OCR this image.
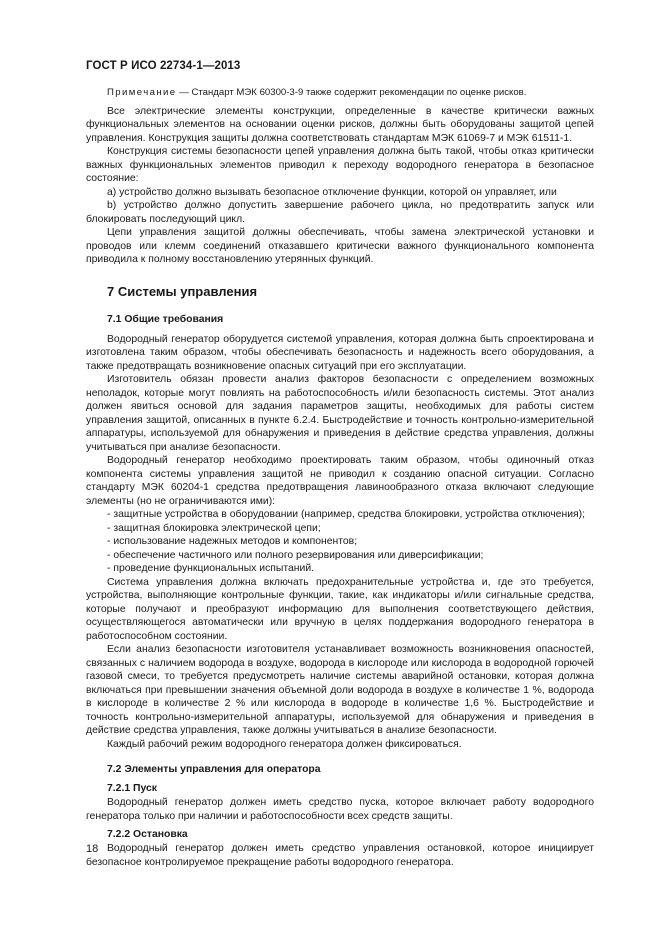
ГОСТ Р ИСО 22734-1—2013

Примечание — Стандарт МЭК 60300-3-9 также содержит рекомендации по оценке рисков.

Все электрические элементы конструкции, определенные в качестве критически важных функциональных элементов на основании оценки рисков, должны быть оборудованы защитой цепей управления. Конструкция защиты должна соответствовать стандартам МЭК 61069-7 и МЭК 61511-1.

Конструкция системы безопасности цепей управления должна быть такой, чтобы отказ критически важных функциональных элементов приводил к переходу водородного генератора в безопасное состояние:

a) устройство должно вызывать безопасное отключение функции, которой он управляет, или

b) устройство должно допустить завершение рабочего цикла, но предотвратить запуск или блокировать последующий цикл.

Цепи управления защитой должны обеспечивать, чтобы замена электрической установки и проводов или клемм соединений отказавшего критически важного функционального компонента приводила к полному восстановлению утерянных функций.

7 Системы управления
7.1 Общие требования

Водородный генератор оборудуется системой управления, которая должна быть спроектирована и изготовлена таким образом, чтобы обеспечивать безопасность и надежность всего оборудования, а также предотвращать возникновение опасных ситуаций при его эксплуатации.

Изготовитель обязан провести анализ факторов безопасности с определением возможных неполадок, которые могут повлиять на работоспособность и/или безопасность системы. Этот анализ должен явиться основой для задания параметров защиты, необходимых для работы систем управления защитой, описанных в пункте 6.2.4. Быстродействие и точность контрольно-измерительной аппаратуры, используемой для обнаружения и приведения в действие средства управления, должны учитываться при анализе безопасности.

Водородный генератор необходимо проектировать таким образом, чтобы одиночный отказ компонента системы управления защитой не приводил к созданию опасной ситуации. Согласно стандарту МЭК 60204-1 средства предотвращения лавинообразного отказа включают следующие элементы (но не ограничиваются ими):

- защитные устройства в оборудовании (например, средства блокировки, устройства отключения);
- защитная блокировка электрической цепи;
- использование надежных методов и компонентов;
- обеспечение частичного или полного резервирования или диверсификации;
- проведение функциональных испытаний.

Система управления должна включать предохранительные устройства и, где это требуется, устройства, выполняющие контрольные функции, такие, как индикаторы и/или сигнальные средства, которые получают и преобразуют информацию для выполнения соответствующего действия, осуществляющегося автоматически или вручную в целях поддержания водородного генератора в работоспособном состоянии.

Если анализ безопасности изготовителя устанавливает возможность возникновения опасностей, связанных с наличием водорода в воздухе, водорода в кислороде или кислорода в водородной горючей газовой смеси, то требуется предусмотреть наличие системы аварийной остановки, которая должна включаться при превышении значения объемной доли водорода в воздухе в количестве 1 %, водорода в кислороде в количестве 2 % или кислорода в водороде в количестве 1,6 %. Быстродействие и точность контрольно-измерительной аппаратуры, используемой для обнаружения и приведения в действие средства управления, также должны учитываться в анализе безопасности.

Каждый рабочий режим водородного генератора должен фиксироваться.

7.2 Элементы управления для оператора
7.2.1 Пуск

Водородный генератор должен иметь средство пуска, которое включает работу водородного генератора только при наличии и работоспособности всех средств защиты.

7.2.2 Остановка

Водородный генератор должен иметь средство управления остановкой, которое инициирует безопасное контролируемое прекращение работы водородного генератора.

18
